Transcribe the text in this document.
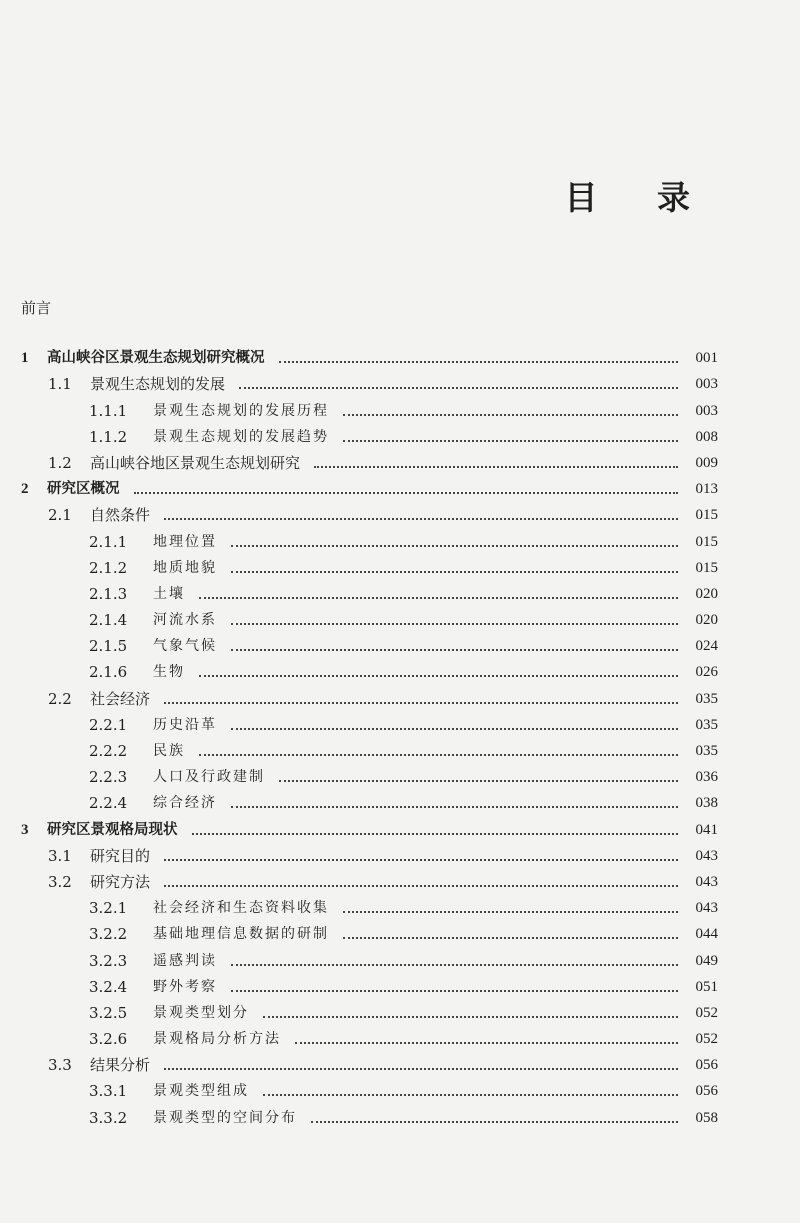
目 录
前言
1	高山峡谷区景观生态规划研究概况	001
1.1	景观生态规划的发展	003
1.1.1	景观生态规划的发展历程	003
1.1.2	景观生态规划的发展趋势	008
1.2	高山峡谷地区景观生态规划研究	009
2	研究区概况	013
2.1	自然条件	015
2.1.1	地理位置	015
2.1.2	地质地貌	015
2.1.3	土壤	020
2.1.4	河流水系	020
2.1.5	气象气候	024
2.1.6	生物	026
2.2	社会经济	035
2.2.1	历史沿革	035
2.2.2	民族	035
2.2.3	人口及行政建制	036
2.2.4	综合经济	038
3	研究区景观格局现状	041
3.1	研究目的	043
3.2	研究方法	043
3.2.1	社会经济和生态资料收集	043
3.2.2	基础地理信息数据的研制	044
3.2.3	遥感判读	049
3.2.4	野外考察	051
3.2.5	景观类型划分	052
3.2.6	景观格局分析方法	052
3.3	结果分析	056
3.3.1	景观类型组成	056
3.3.2	景观类型的空间分布	058
